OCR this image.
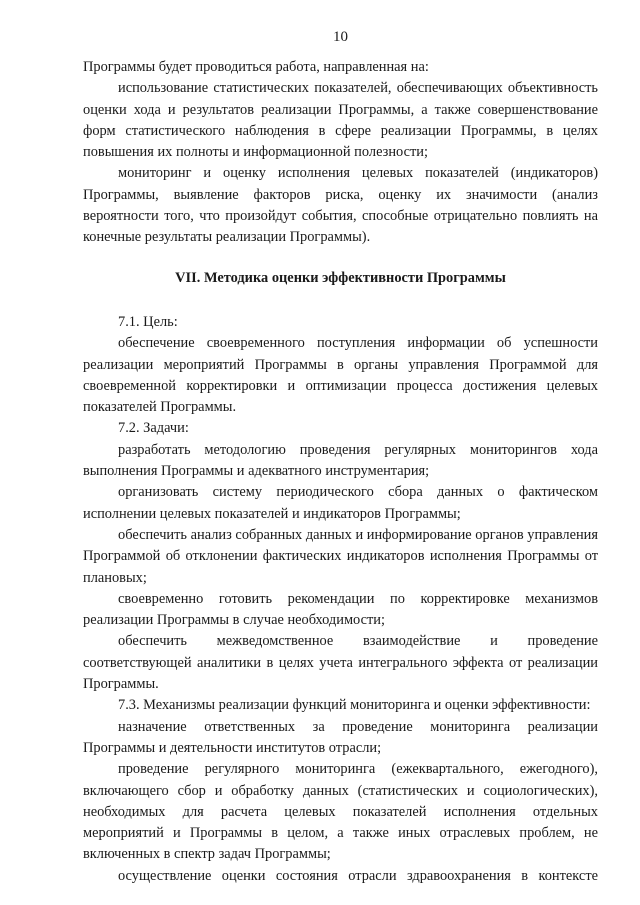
10

Программы будет проводиться работа, направленная на:

использование статистических показателей, обеспечивающих объективность оценки хода и результатов реализации Программы, а также совершенствование форм статистического наблюдения в сфере реализации Программы, в целях повышения их полноты и информационной полезности;

мониторинг и оценку исполнения целевых показателей (индикаторов) Программы, выявление факторов риска, оценку их значимости (анализ вероятности того, что произойдут события, способные отрицательно повлиять на конечные результаты реализации Программы).

VII. Методика оценки эффективности Программы

7.1. Цель:

обеспечение своевременного поступления информации об успешности реализации мероприятий Программы в органы управления Программой для своевременной корректировки и оптимизации процесса достижения целевых показателей Программы.

7.2. Задачи:

разработать методологию проведения регулярных мониторингов хода выполнения Программы и адекватного инструментария;

организовать систему периодического сбора данных о фактическом исполнении целевых показателей и индикаторов Программы;

обеспечить анализ собранных данных и информирование органов управления Программой об отклонении фактических индикаторов исполнения Программы от плановых;

своевременно готовить рекомендации по корректировке механизмов реализации Программы в случае необходимости;

обеспечить межведомственное взаимодействие и проведение соответствующей аналитики в целях учета интегрального эффекта от реализации Программы.

7.3. Механизмы реализации функций мониторинга и оценки эффективности:

назначение ответственных за проведение мониторинга реализации Программы и деятельности институтов отрасли;

проведение регулярного мониторинга (ежеквартального, ежегодного), включающего сбор и обработку данных (статистических и социологических), необходимых для расчета целевых показателей исполнения отдельных мероприятий и Программы в целом, а также иных отраслевых проблем, не включенных в спектр задач Программы;

осуществление оценки состояния отрасли здравоохранения в контексте
